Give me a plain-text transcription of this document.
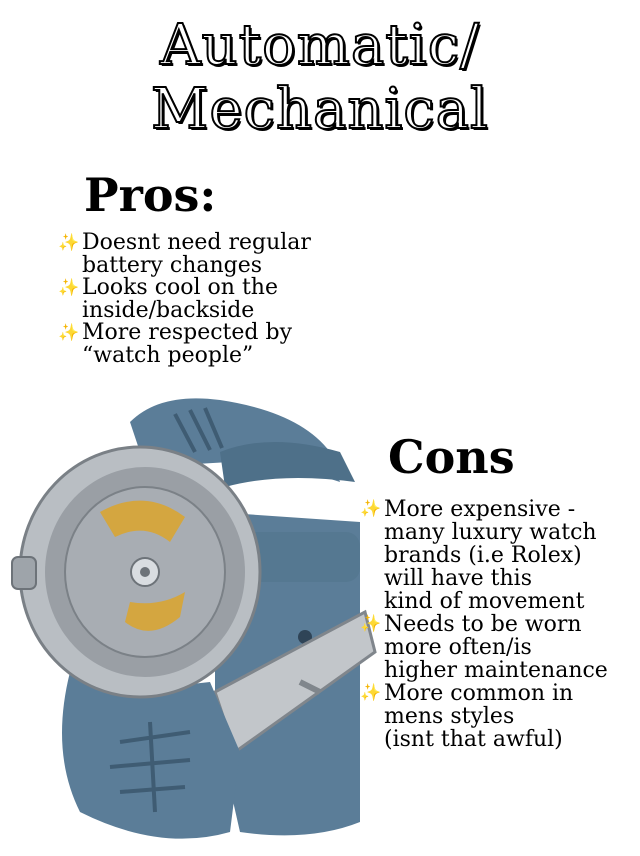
Automatic/
Mechanical
Pros:
✨ Doesnt need regular
battery changes
✨ Looks cool on the
inside/backside
✨ More respected by
“watch people”
Cons
✨ More expensive -
many luxury watch
brands (i.e Rolex)
will have this
kind of movement
✨ Needs to be worn
more often/is
higher maintenance
✨ More common in
mens styles
(isnt that awful)
